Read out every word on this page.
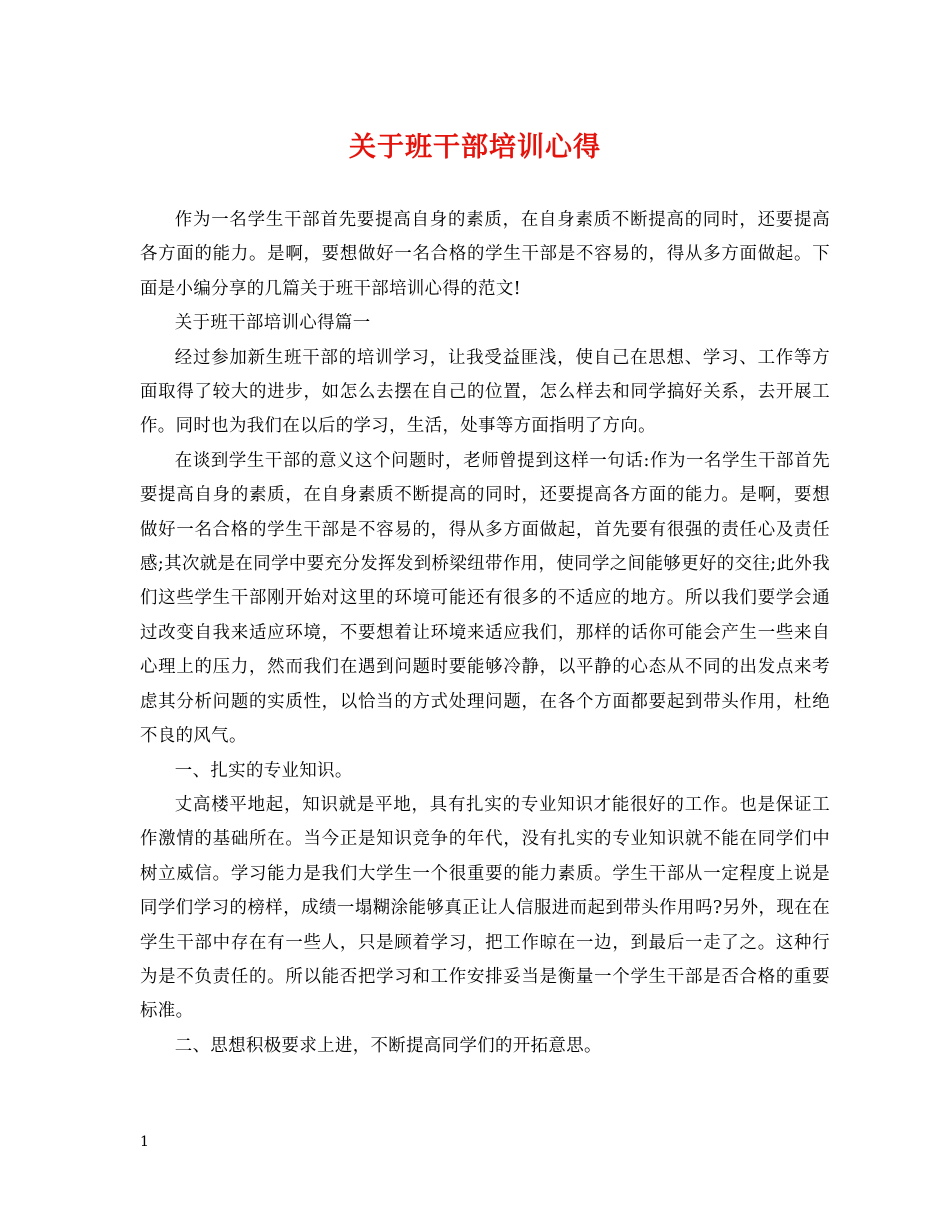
关于班干部培训心得

作为一名学生干部首先要提高自身的素质，在自身素质不断提高的同时，还要提高各方面的能力。是啊，要想做好一名合格的学生干部是不容易的，得从多方面做起。下面是小编分享的几篇关于班干部培训心得的范文!

关于班干部培训心得篇一

经过参加新生班干部的培训学习，让我受益匪浅，使自己在思想、学习、工作等方面取得了较大的进步，如怎么去摆在自己的位置，怎么样去和同学搞好关系，去开展工作。同时也为我们在以后的学习，生活，处事等方面指明了方向。

在谈到学生干部的意义这个问题时，老师曾提到这样一句话:作为一名学生干部首先要提高自身的素质，在自身素质不断提高的同时，还要提高各方面的能力。是啊，要想做好一名合格的学生干部是不容易的，得从多方面做起，首先要有很强的责任心及责任感;其次就是在同学中要充分发挥发到桥梁纽带作用，使同学之间能够更好的交往;此外我们这些学生干部刚开始对这里的环境可能还有很多的不适应的地方。所以我们要学会通过改变自我来适应环境，不要想着让环境来适应我们，那样的话你可能会产生一些来自心理上的压力，然而我们在遇到问题时要能够冷静，以平静的心态从不同的出发点来考虑其分析问题的实质性，以恰当的方式处理问题，在各个方面都要起到带头作用，杜绝不良的风气。

一、扎实的专业知识。

丈高楼平地起，知识就是平地，具有扎实的专业知识才能很好的工作。也是保证工作激情的基础所在。当今正是知识竞争的年代，没有扎实的专业知识就不能在同学们中树立威信。学习能力是我们大学生一个很重要的能力素质。学生干部从一定程度上说是同学们学习的榜样，成绩一塌糊涂能够真正让人信服进而起到带头作用吗?另外，现在在学生干部中存在有一些人，只是顾着学习，把工作晾在一边，到最后一走了之。这种行为是不负责任的。所以能否把学习和工作安排妥当是衡量一个学生干部是否合格的重要标准。

二、思想积极要求上进，不断提高同学们的开拓意思。

1
